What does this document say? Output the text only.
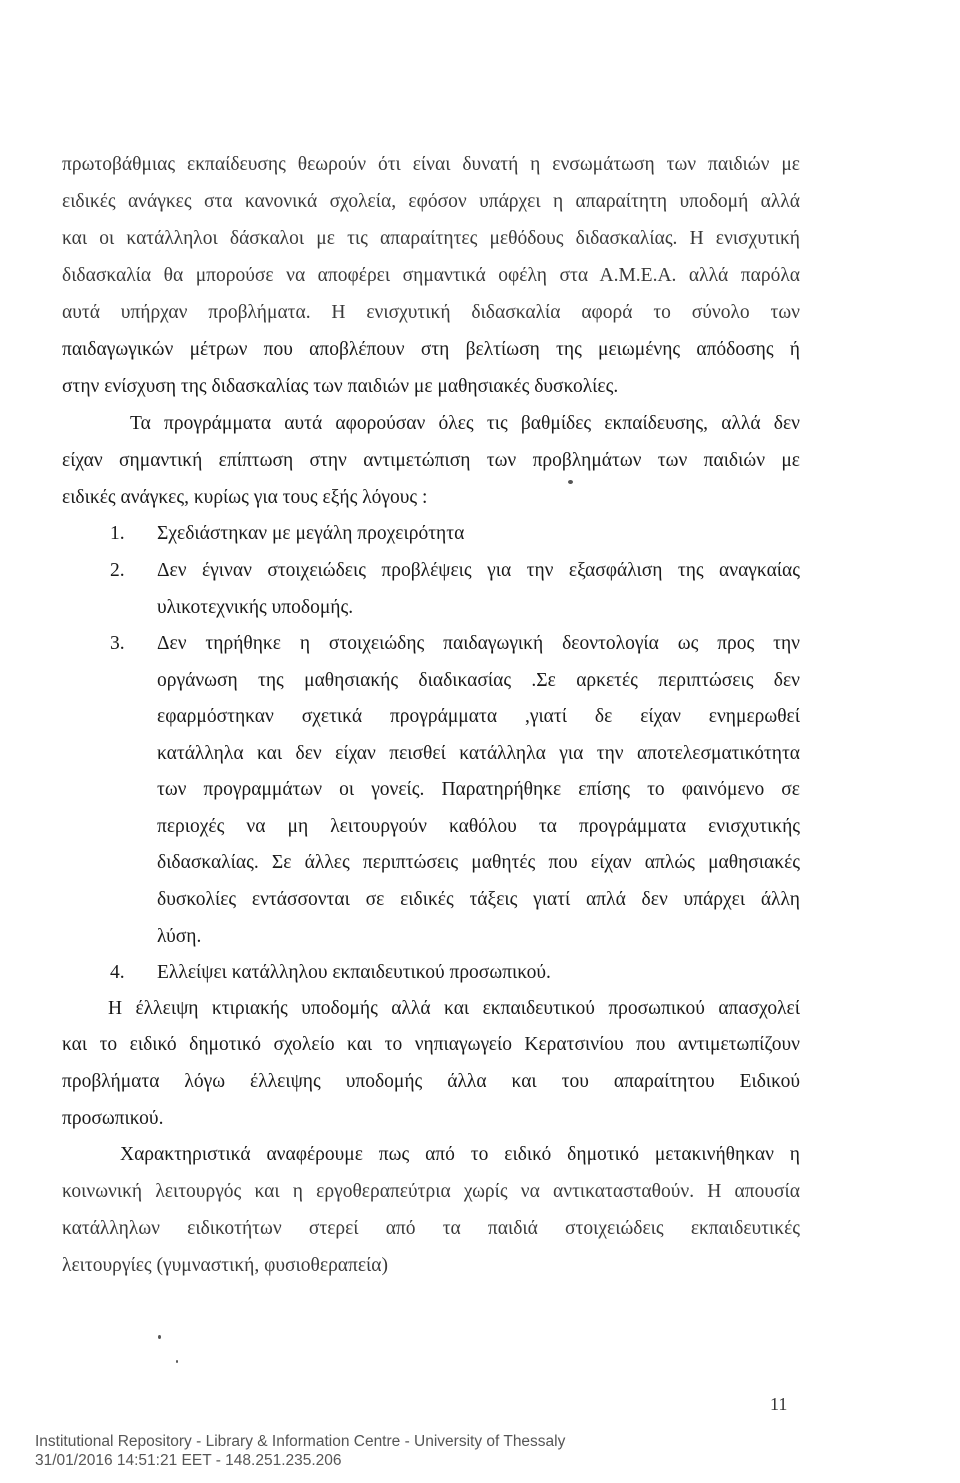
πρωτοβάθμιας εκπαίδευσης θεωρούν ότι είναι δυνατή η ενσωμάτωση των παιδιών με
ειδικές ανάγκες στα κανονικά σχολεία, εφόσον υπάρχει η απαραίτητη υποδομή αλλά
και οι κατάλληλοι δάσκαλοι με τις απαραίτητες μεθόδους διδασκαλίας. Η ενισχυτική
διδασκαλία θα μπορούσε να αποφέρει σημαντικά οφέλη στα Α.Μ.Ε.Α. αλλά παρόλα
αυτά υπήρχαν προβλήματα. Η ενισχυτική διδασκαλία αφορά το σύνολο των
παιδαγωγικών μέτρων που αποβλέπουν στη βελτίωση της μειωμένης απόδοσης ή
στην ενίσχυση της διδασκαλίας των παιδιών με μαθησιακές δυσκολίες.
Τα προγράμματα αυτά αφορούσαν όλες τις βαθμίδες εκπαίδευσης, αλλά δεν
είχαν σημαντική επίπτωση στην αντιμετώπιση των προβλημάτων των παιδιών με
ειδικές ανάγκες, κυρίως για τους εξής λόγους :
1. Σχεδιάστηκαν με μεγάλη προχειρότητα
2. Δεν έγιναν στοιχειώδεις προβλέψεις για την εξασφάλιση της αναγκαίας
υλικοτεχνικής υποδομής.
3. Δεν τηρήθηκε η στοιχειώδης παιδαγωγική δεοντολογία ως προς την
οργάνωση της μαθησιακής διαδικασίας .Σε αρκετές περιπτώσεις δεν
εφαρμόστηκαν σχετικά προγράμματα ,γιατί δε είχαν ενημερωθεί
κατάλληλα και δεν είχαν πεισθεί κατάλληλα για την αποτελεσματικότητα
των προγραμμάτων οι γονείς. Παρατηρήθηκε επίσης το φαινόμενο σε
περιοχές να μη λειτουργούν καθόλου τα προγράμματα ενισχυτικής
διδασκαλίας. Σε άλλες περιπτώσεις μαθητές που είχαν απλώς μαθησιακές
δυσκολίες εντάσσονται σε ειδικές τάξεις γιατί απλά δεν υπάρχει άλλη
λύση.
4. Ελλείψει κατάλληλου εκπαιδευτικού προσωπικού.
Η έλλειψη κτιριακής υποδομής αλλά και εκπαιδευτικού προσωπικού απασχολεί
και το ειδικό δημοτικό σχολείο και το νηπιαγωγείο Κερατσινίου που αντιμετωπίζουν
προβλήματα λόγω έλλειψης υποδομής άλλα και του απαραίτητου Ειδικού
προσωπικού.
Χαρακτηριστικά αναφέρουμε πως από το ειδικό δημοτικό μετακινήθηκαν η
κοινωνική λειτουργός και η εργοθεραπεύτρια χωρίς να αντικατασταθούν. Η απουσία
κατάλληλων ειδικοτήτων στερεί από τα παιδιά στοιχειώδεις εκπαιδευτικές
λειτουργίες (γυμναστική, φυσιοθεραπεία)
11
Institutional Repository - Library & Information Centre - University of Thessaly
31/01/2016 14:51:21 EET - 148.251.235.206
